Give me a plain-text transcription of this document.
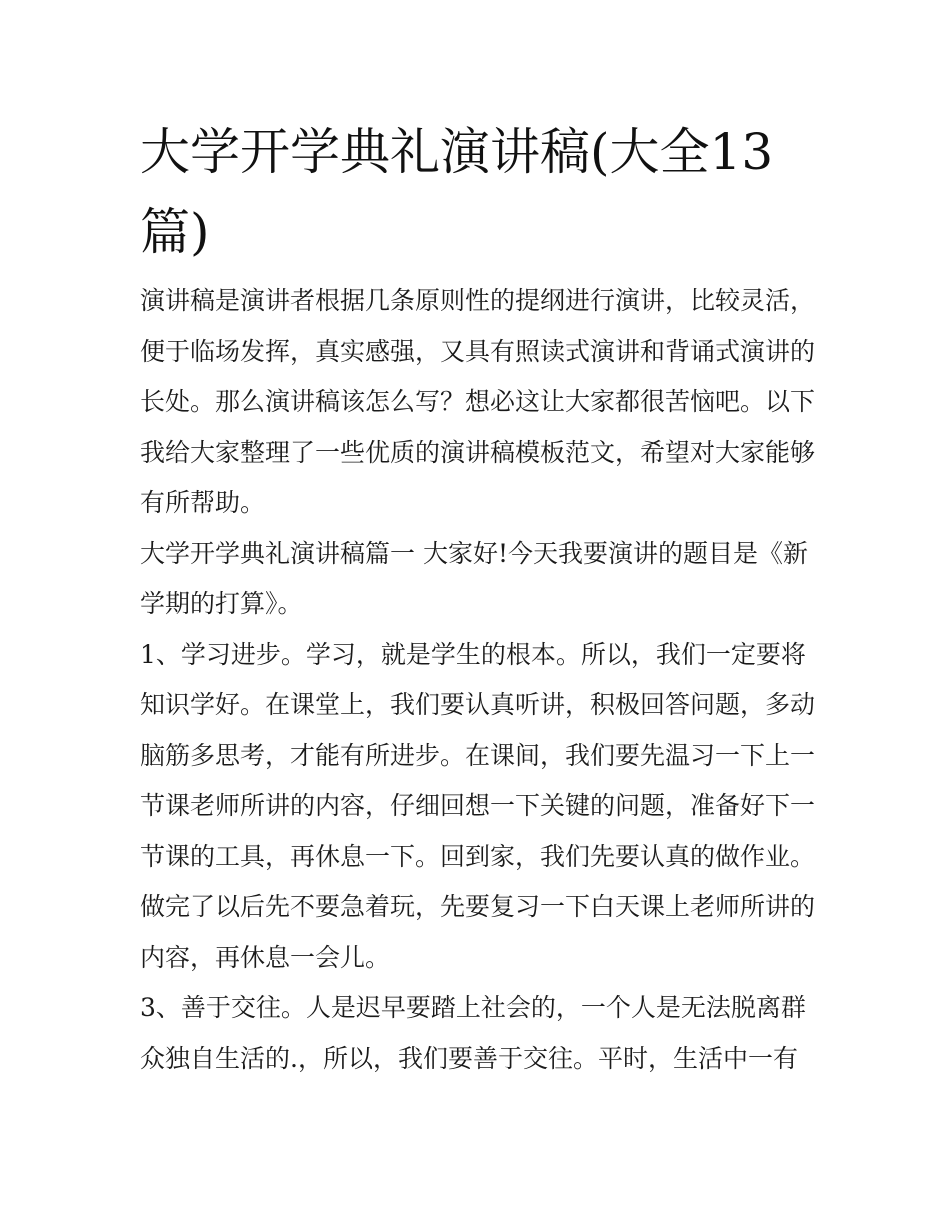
大学开学典礼演讲稿(大全13篇)

演讲稿是演讲者根据几条原则性的提纲进行演讲，比较灵活，便于临场发挥，真实感强，又具有照读式演讲和背诵式演讲的长处。那么演讲稿该怎么写？想必这让大家都很苦恼吧。以下我给大家整理了一些优质的演讲稿模板范文，希望对大家能够有所帮助。

大学开学典礼演讲稿篇一 大家好!今天我要演讲的题目是《新学期的打算》。

1、学习进步。学习，就是学生的根本。所以，我们一定要将知识学好。在课堂上，我们要认真听讲，积极回答问题，多动脑筋多思考，才能有所进步。在课间，我们要先温习一下上一节课老师所讲的内容，仔细回想一下关键的问题，准备好下一节课的工具，再休息一下。回到家，我们先要认真的做作业。做完了以后先不要急着玩，先要复习一下白天课上老师所讲的内容，再休息一会儿。

3、善于交往。人是迟早要踏上社会的，一个人是无法脱离群众独自生活的.，所以，我们要善于交往。平时，生活中一有
